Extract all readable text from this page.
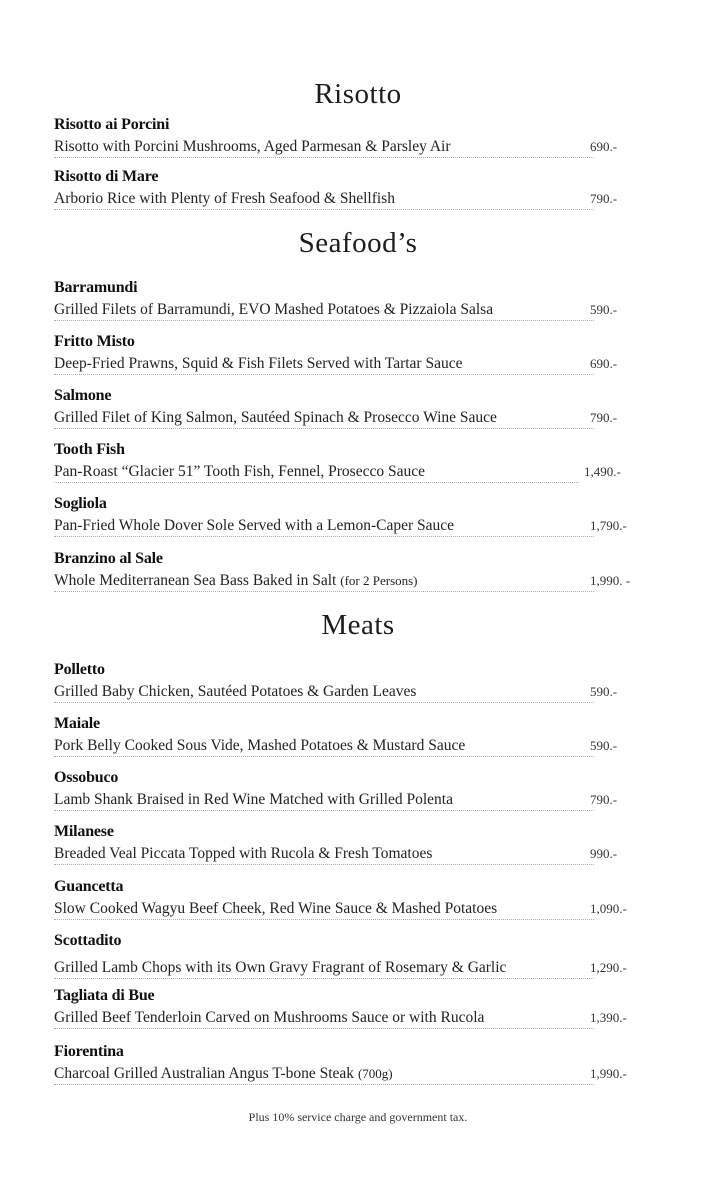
Risotto
Seafood’s
Meats
Risotto ai Porcini
Risotto with Porcini Mushrooms, Aged Parmesan & Parsley Air	690.-
Risotto di Mare
Arborio Rice with Plenty of Fresh Seafood & Shellfish	790.-
Barramundi
Grilled Filets of Barramundi, EVO Mashed Potatoes & Pizzaiola Salsa	590.-
Fritto Misto
Deep-Fried Prawns, Squid & Fish Filets Served with Tartar Sauce	690.-
Salmone
Grilled Filet of King Salmon, Sautéed Spinach & Prosecco Wine Sauce	790.-
Tooth Fish
Pan-Roast “Glacier 51” Tooth Fish, Fennel, Prosecco Sauce	1,490.-
Sogliola
Pan-Fried Whole Dover Sole Served with a Lemon-Caper Sauce	1,790.-
Branzino al Sale
Whole Mediterranean Sea Bass Baked in Salt (for 2 Persons)	1,990. -
Polletto
Grilled Baby Chicken, Sautéed Potatoes & Garden Leaves	590.-
Maiale
Pork Belly Cooked Sous Vide, Mashed Potatoes & Mustard Sauce	590.-
Ossobuco
Lamb Shank Braised in Red Wine Matched with Grilled Polenta	790.-
Milanese
Breaded Veal Piccata Topped with Rucola & Fresh Tomatoes	990.-
Guancetta
Slow Cooked Wagyu Beef Cheek, Red Wine Sauce & Mashed Potatoes	1,090.-
Scottadito
Grilled Lamb Chops with its Own Gravy Fragrant of Rosemary & Garlic	1,290.-
Tagliata di Bue
Grilled Beef Tenderloin Carved on Mushrooms Sauce or with Rucola	1,390.-
Fiorentina
Charcoal Grilled Australian Angus T-bone Steak (700g)	1,990.-
Plus 10% service charge and government tax.
